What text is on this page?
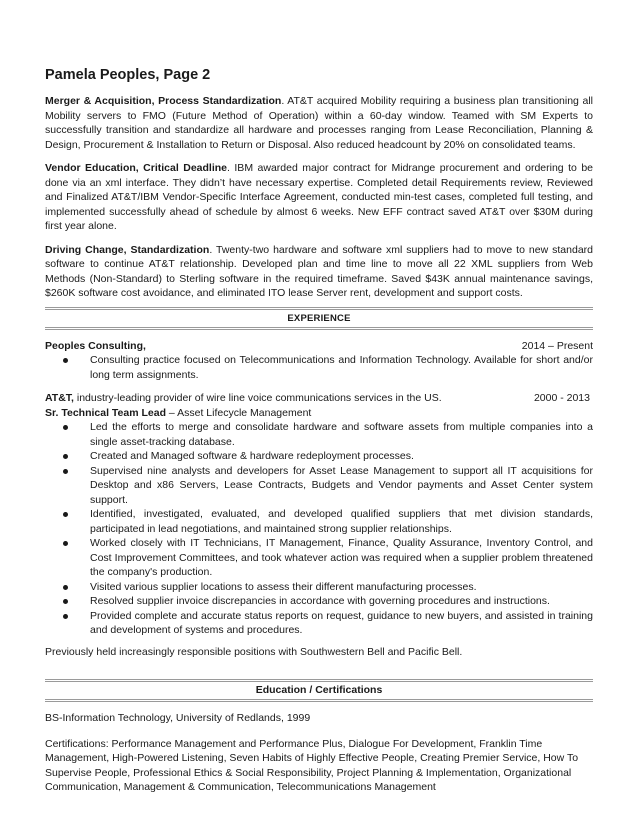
Pamela Peoples, Page 2

Merger & Acquisition, Process Standardization. AT&T acquired Mobility requiring a business plan transitioning all Mobility servers to FMO (Future Method of Operation) within a 60-day window. Teamed with SM Experts to successfully transition and standardize all hardware and processes ranging from Lease Reconciliation, Planning & Design, Procurement & Installation to Return or Disposal. Also reduced headcount by 20% on consolidated teams.

Vendor Education, Critical Deadline. IBM awarded major contract for Midrange procurement and ordering to be done via an xml interface. They didn’t have necessary expertise. Completed detail Requirements review, Reviewed and Finalized AT&T/IBM Vendor-Specific Interface Agreement, conducted min-test cases, completed full testing, and implemented successfully ahead of schedule by almost 6 weeks. New EFF contract saved AT&T over $30M during first year alone.

Driving Change, Standardization. Twenty-two hardware and software xml suppliers had to move to new standard software to continue AT&T relationship. Developed plan and time line to move all 22 XML suppliers from Web Methods (Non-Standard) to Sterling software in the required timeframe. Saved $43K annual maintenance savings, $260K software cost avoidance, and eliminated ITO lease Server rent, development and support costs.

EXPERIENCE
Peoples Consulting,	2014 – Present
Consulting practice focused on Telecommunications and Information Technology. Available for short and/or long term assignments.
AT&T, industry-leading provider of wire line voice communications services in the US.	2000 - 2013
Sr. Technical Team Lead – Asset Lifecycle Management
Led the efforts to merge and consolidate hardware and software assets from multiple companies into a single asset-tracking database.
Created and Managed software & hardware redeployment processes.
Supervised nine analysts and developers for Asset Lease Management to support all IT acquisitions for Desktop and x86 Servers, Lease Contracts, Budgets and Vendor payments and Asset Center system support.
Identified, investigated, evaluated, and developed qualified suppliers that met division standards, participated in lead negotiations, and maintained strong supplier relationships.
Worked closely with IT Technicians, IT Management, Finance, Quality Assurance, Inventory Control, and Cost Improvement Committees, and took whatever action was required when a supplier problem threatened the company's production.
Visited various supplier locations to assess their different manufacturing processes.
Resolved supplier invoice discrepancies in accordance with governing procedures and instructions.
Provided complete and accurate status reports on request, guidance to new buyers, and assisted in training and development of systems and procedures.

Previously held increasingly responsible positions with Southwestern Bell and Pacific Bell.

Education / Certifications

BS-Information Technology, University of Redlands, 1999

Certifications: Performance Management and Performance Plus, Dialogue For Development, Franklin Time Management, High-Powered Listening, Seven Habits of Highly Effective People, Creating Premier Service, How To Supervise People, Professional Ethics & Social Responsibility, Project Planning & Implementation, Organizational Communication, Management & Communication, Telecommunications Management
